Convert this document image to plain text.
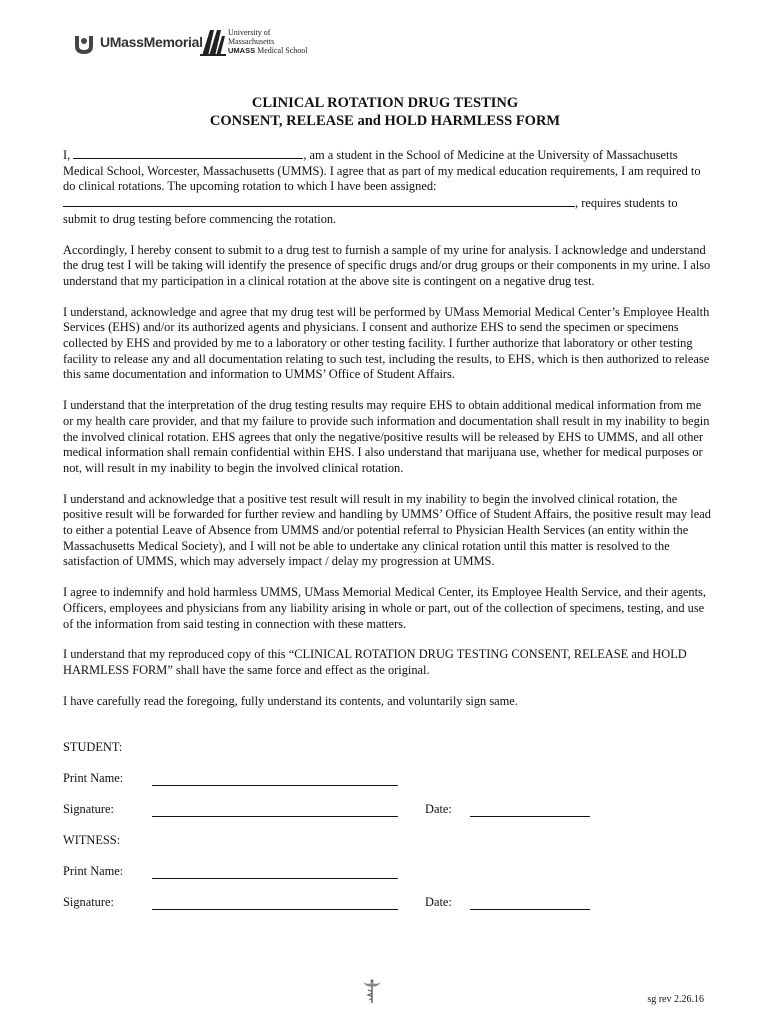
UMassMemorial
University of
Massachusetts
UMASS Medical School
CLINICAL ROTATION DRUG TESTING
CONSENT, RELEASE and HOLD HARMLESS FORM

I,	, am a student in the School of Medicine at the University of Massachusetts Medical School, Worcester, Massachusetts (UMMS). I agree that as part of my medical education requirements, I am required to do clinical rotations. The upcoming rotation to which I have been assigned: , requires students to submit to drug testing before commencing the rotation.

Accordingly, I hereby consent to submit to a drug test to furnish a sample of my urine for analysis. I acknowledge and understand the drug test I will be taking will identify the presence of specific drugs and/or drug groups or their components in my urine. I also understand that my participation in a clinical rotation at the above site is contingent on a negative drug test.

I understand, acknowledge and agree that my drug test will be performed by UMass Memorial Medical Center’s Employee Health Services (EHS) and/or its authorized agents and physicians. I consent and authorize EHS to send the specimen or specimens collected by EHS and provided by me to a laboratory or other testing facility. I further authorize that laboratory or other testing facility to release any and all documentation relating to such test, including the results, to EHS, which is then authorized to release this same documentation and information to UMMS’ Office of Student Affairs.

I understand that the interpretation of the drug testing results may require EHS to obtain additional medical information from me or my health care provider, and that my failure to provide such information and documentation shall result in my inability to begin the involved clinical rotation. EHS agrees that only the negative/positive results will be released by EHS to UMMS, and all other medical information shall remain confidential within EHS. I also understand that marijuana use, whether for medical purposes or not, will result in my inability to begin the involved clinical rotation.

I understand and acknowledge that a positive test result will result in my inability to begin the involved clinical rotation, the positive result will be forwarded for further review and handling by UMMS’ Office of Student Affairs, the positive result may lead to either a potential Leave of Absence from UMMS and/or potential referral to Physician Health Services (an entity within the Massachusetts Medical Society), and I will not be able to undertake any clinical rotation until this matter is resolved to the satisfaction of UMMS, which may adversely impact / delay my progression at UMMS.

I agree to indemnify and hold harmless UMMS, UMass Memorial Medical Center, its Employee Health Service, and their agents, Officers, employees and physicians from any liability arising in whole or part, out of the collection of specimens, testing, and use of the information from said testing in connection with these matters.

I understand that my reproduced copy of this “CLINICAL ROTATION DRUG TESTING CONSENT, RELEASE and HOLD HARMLESS FORM” shall have the same force and effect as the original.

I have carefully read the foregoing, fully understand its contents, and voluntarily sign same.

STUDENT:
Print Name:
Signature:	Date:
WITNESS:
Print Name:
Signature:	Date:
sg rev 2.26.16
